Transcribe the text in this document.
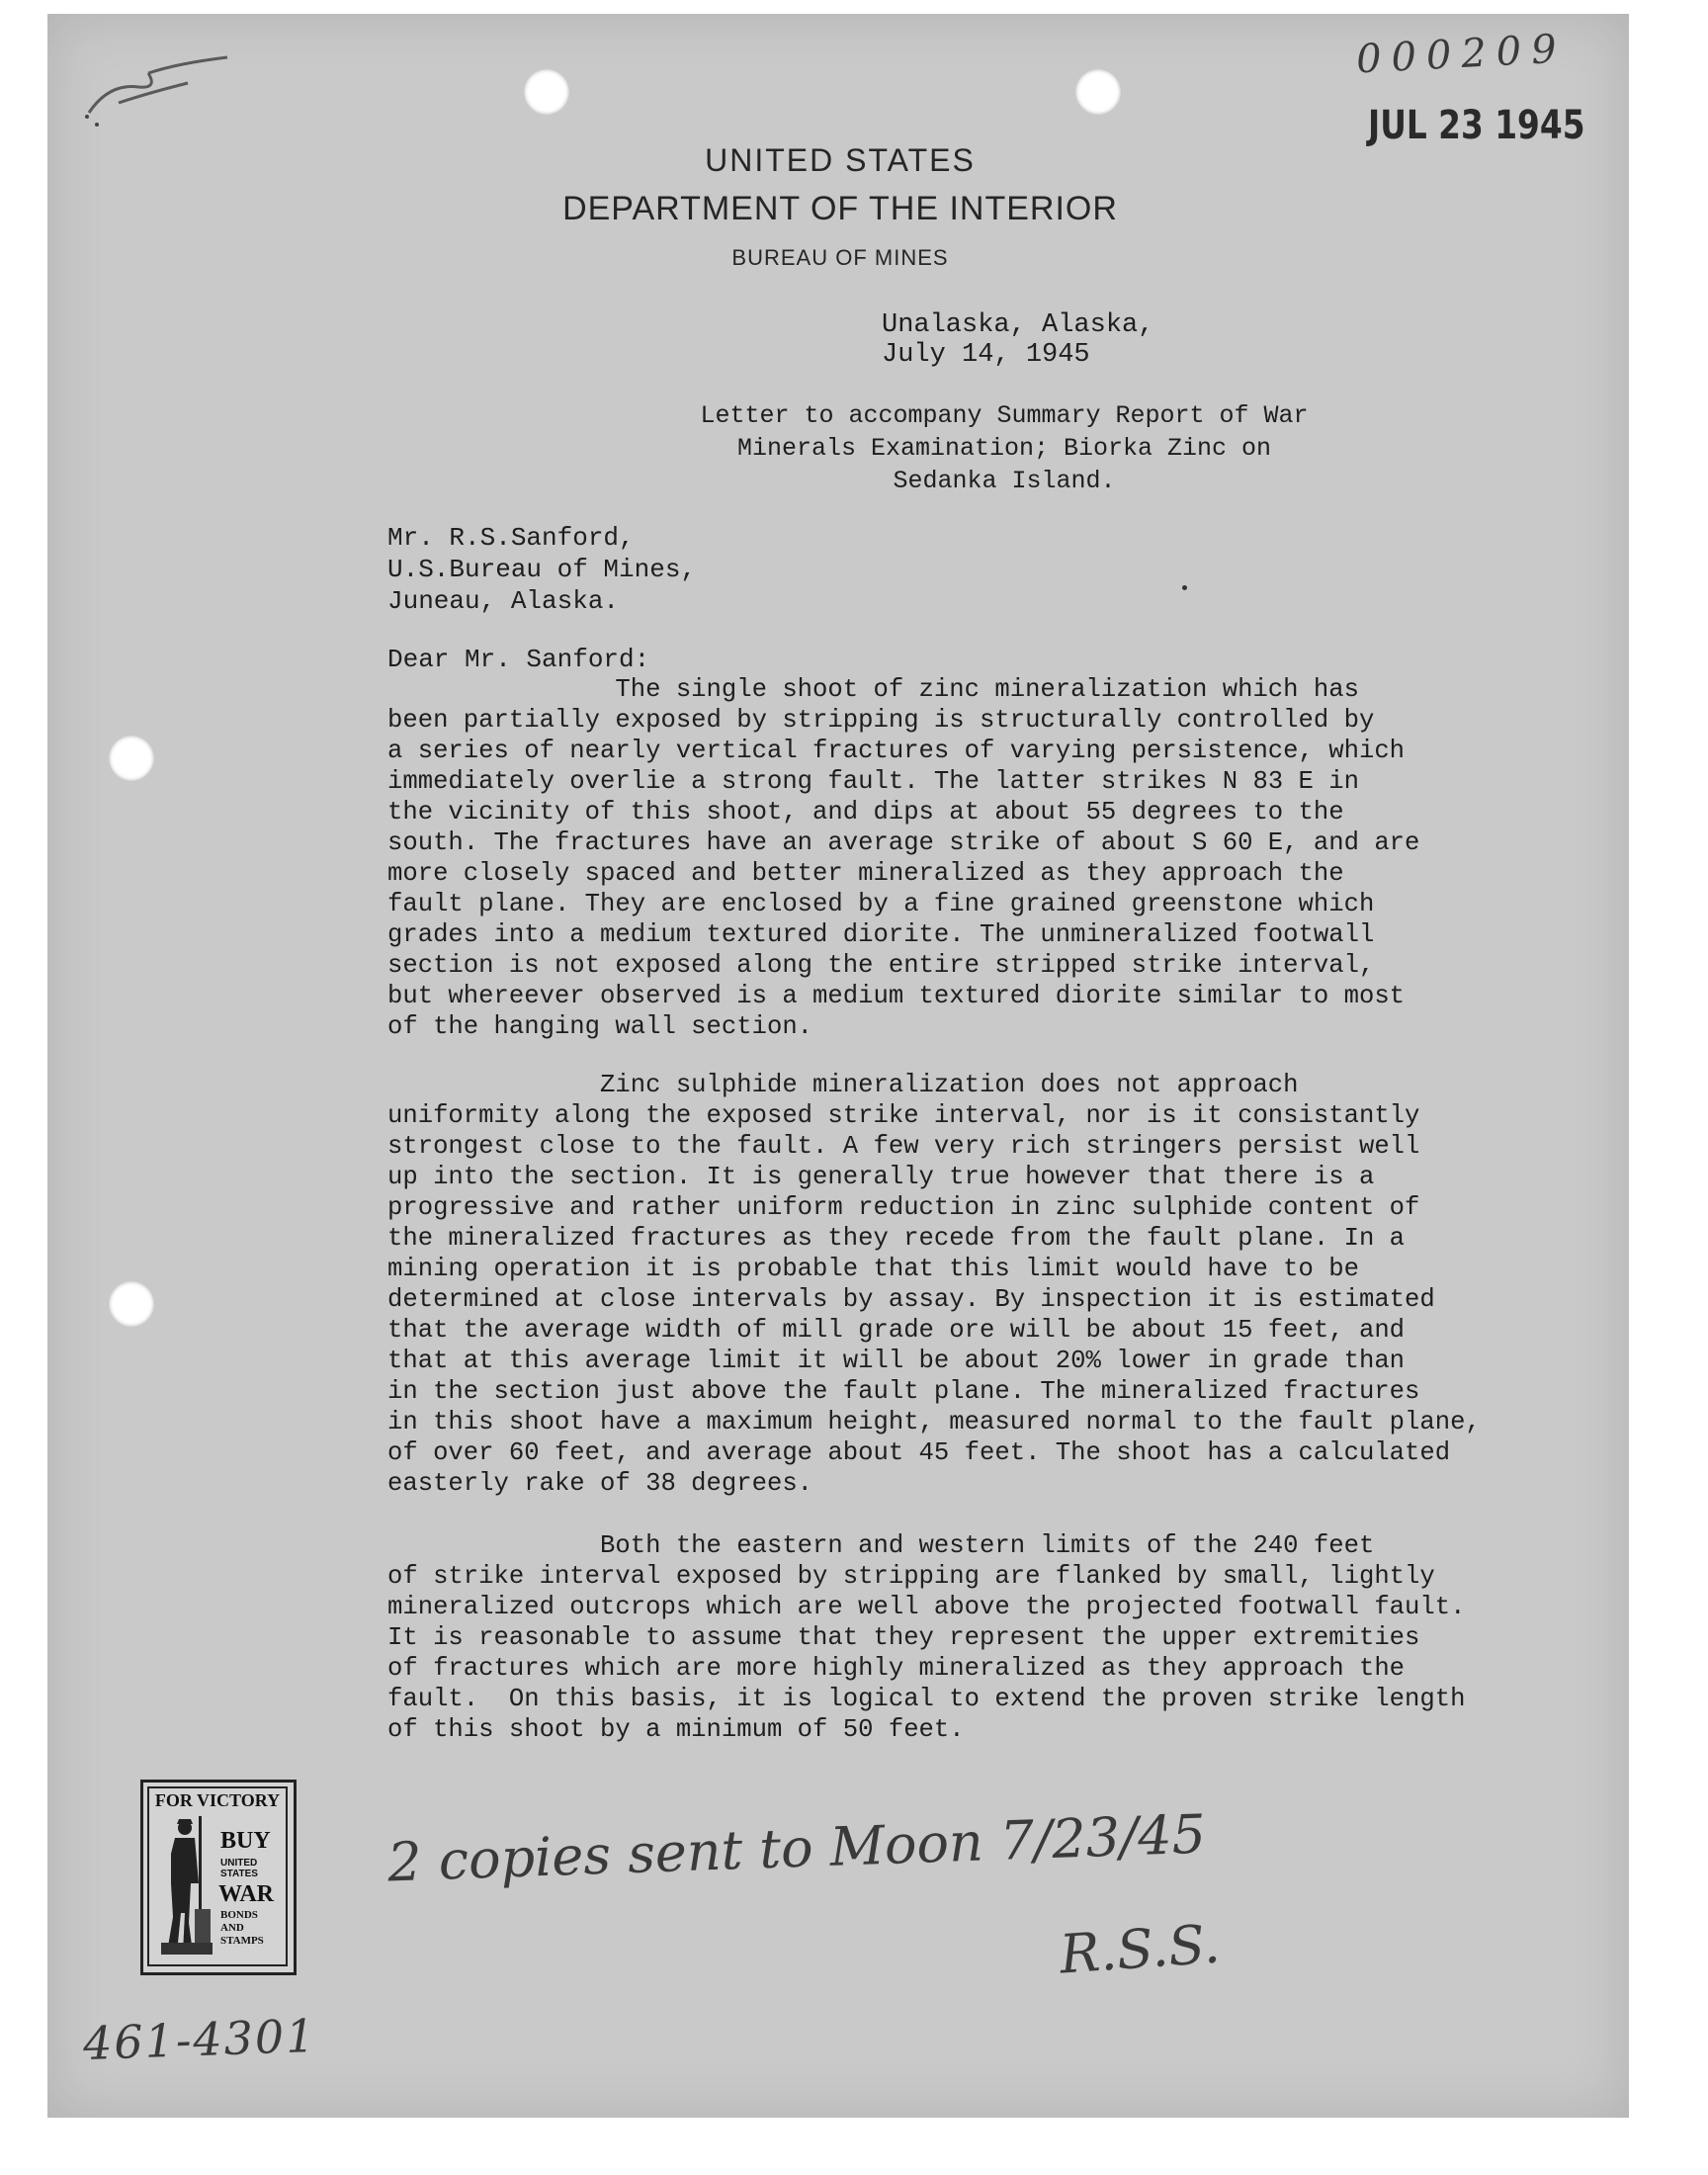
000209

JUL 23 1945

UNITED STATES

DEPARTMENT OF THE INTERIOR

BUREAU OF MINES

Unalaska, Alaska,

July 14, 1945

Letter to accompany Summary Report of War
Minerals Examination; Biorka Zinc on
Sedanka Island.
Mr. R.S.Sanford,
U.S.Bureau of Mines,
Juneau, Alaska.

Dear Mr. Sanford:

The single shoot of zinc mineralization which has
been partially exposed by stripping is structurally controlled by
a series of nearly vertical fractures of varying persistence, which
immediately overlie a strong fault. The latter strikes N 83 E in
the vicinity of this shoot, and dips at about 55 degrees to the
south. The fractures have an average strike of about S 60 E, and are
more closely spaced and better mineralized as they approach the
fault plane. They are enclosed by a fine grained greenstone which
grades into a medium textured diorite. The unmineralized footwall
section is not exposed along the entire stripped strike interval,
but whereever observed is a medium textured diorite similar to most
of the hanging wall section.
Zinc sulphide mineralization does not approach
uniformity along the exposed strike interval, nor is it consistantly
strongest close to the fault. A few very rich stringers persist well
up into the section. It is generally true however that there is a
progressive and rather uniform reduction in zinc sulphide content of
the mineralized fractures as they recede from the fault plane. In a
mining operation it is probable that this limit would have to be
determined at close intervals by assay. By inspection it is estimated
that the average width of mill grade ore will be about 15 feet, and
that at this average limit it will be about 20% lower in grade than
in the section just above the fault plane. The mineralized fractures
in this shoot have a maximum height, measured normal to the fault plane,
of over 60 feet, and average about 45 feet. The shoot has a calculated
easterly rake of 38 degrees.
Both the eastern and western limits of the 240 feet
of strike interval exposed by stripping are flanked by small, lightly
mineralized outcrops which are well above the projected footwall fault.
It is reasonable to assume that they represent the upper extremities
of fractures which are more highly mineralized as they approach the
fault.  On this basis, it is logical to extend the proven strike length
of this shoot by a minimum of 50 feet.
FOR VICTORY
BUY
UNITED
STATES
WAR
BONDS
AND
STAMPS

2 copies sent to Moon 7/23/45

R.S.S.

461-4301
